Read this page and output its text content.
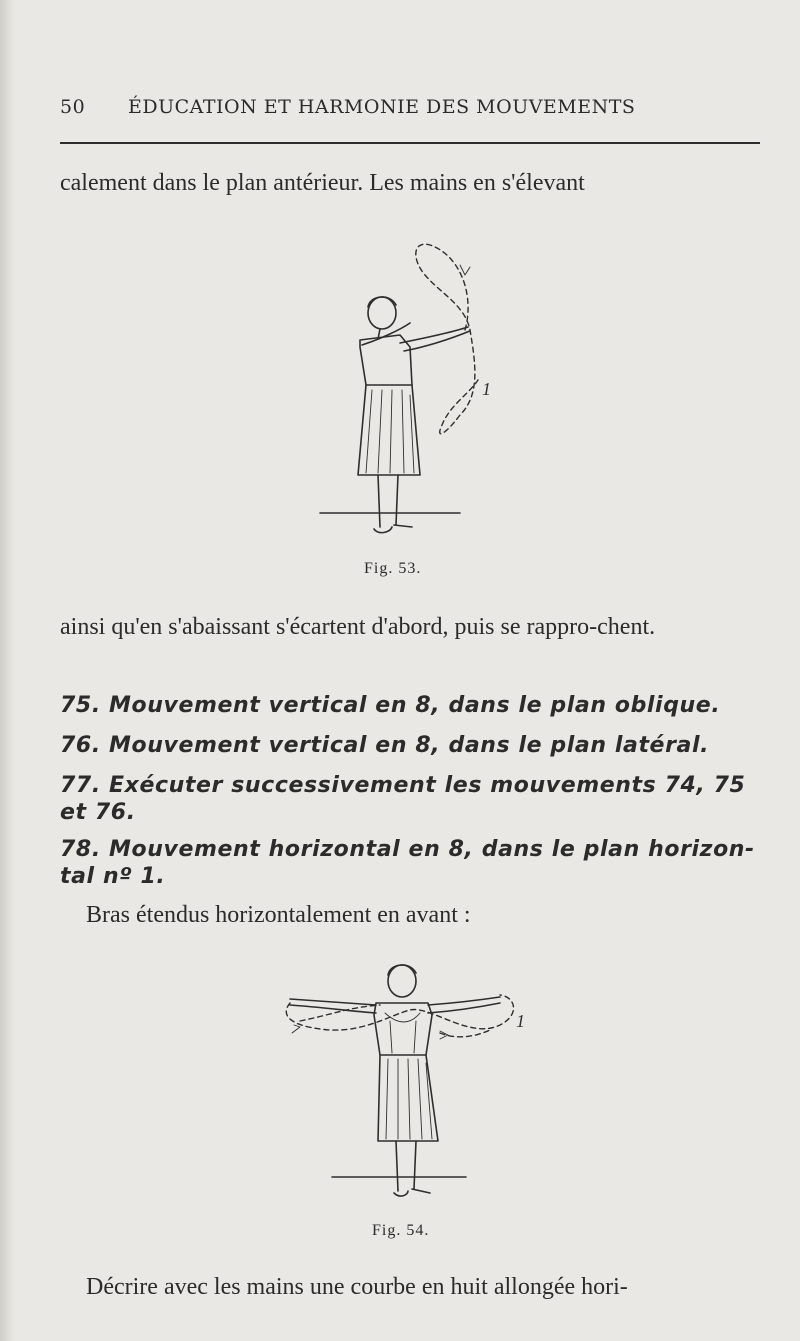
50 ÉDUCATION ET HARMONIE DES MOUVEMENTS
calement dans le plan antérieur. Les mains en s'élevant
1
Fig. 53.
ainsi qu'en s'abaissant s'écartent d'abord, puis se rappro-chent.
75. Mouvement vertical en 8, dans le plan oblique.
76. Mouvement vertical en 8, dans le plan latéral.
77. Exécuter successivement les mouvements 74, 75 et 76.
78. Mouvement horizontal en 8, dans le plan horizon-tal nº 1.
Bras étendus horizontalement en avant :
1
Fig. 54.
Décrire avec les mains une courbe en huit allongée hori-
